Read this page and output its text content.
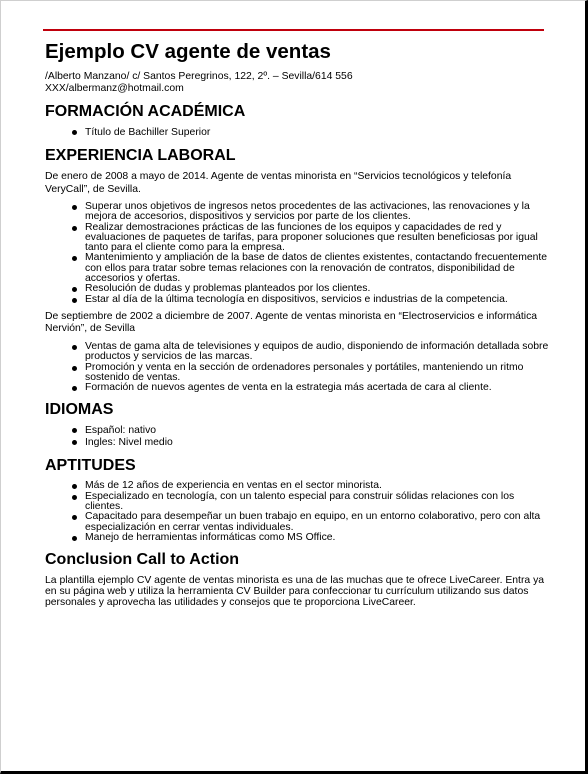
Ejemplo CV agente de ventas
/Alberto Manzano/ c/ Santos Peregrinos, 122, 2º. – Sevilla/614 556
XXX/albermanz@hotmail.com
FORMACIÓN ACADÉMICA
Título de Bachiller Superior
EXPERIENCIA LABORAL
De enero de 2008 a mayo de 2014. Agente de ventas minorista en “Servicios tecnológicos y telefonía VeryCall”, de Sevilla.
Superar unos objetivos de ingresos netos procedentes de las activaciones, las renovaciones y la mejora de accesorios, dispositivos y servicios por parte de los clientes.
Realizar demostraciones prácticas de las funciones de los equipos y capacidades de red y evaluaciones de paquetes de tarifas, para proponer soluciones que resulten beneficiosas por igual tanto para el cliente como para la empresa.
Mantenimiento y ampliación de la base de datos de clientes existentes, contactando frecuentemente con ellos para tratar sobre temas relaciones con la renovación de contratos, disponibilidad de accesorios y ofertas.
Resolución de dudas y problemas planteados por los clientes.
Estar al día de la última tecnología en dispositivos, servicios e industrias de la competencia.
De septiembre de 2002 a diciembre de 2007. Agente de ventas minorista en “Electroservicios e informática Nervión”, de Sevilla
Ventas de gama alta de televisiones y equipos de audio, disponiendo de información detallada sobre productos y servicios de las marcas.
Promoción y venta en la sección de ordenadores personales y portátiles, manteniendo un ritmo sostenido de ventas.
Formación de nuevos agentes de venta en la estrategia más acertada de cara al cliente.
IDIOMAS
Español: nativo
Ingles: Nivel medio
APTITUDES
Más de 12 años de experiencia en ventas en el sector minorista.
Especializado en tecnología, con un talento especial para construir sólidas relaciones con los clientes.
Capacitado para desempeñar un buen trabajo en equipo, en un entorno colaborativo, pero con alta especialización en cerrar ventas individuales.
Manejo de herramientas informáticas como MS Office.
Conclusion Call to Action
La plantilla ejemplo CV agente de ventas minorista es una de las muchas que te ofrece LiveCareer. Entra ya en su página web y utiliza la herramienta CV Builder para confeccionar tu currículum utilizando sus datos personales y aprovecha las utilidades y consejos que te proporciona LiveCareer.
